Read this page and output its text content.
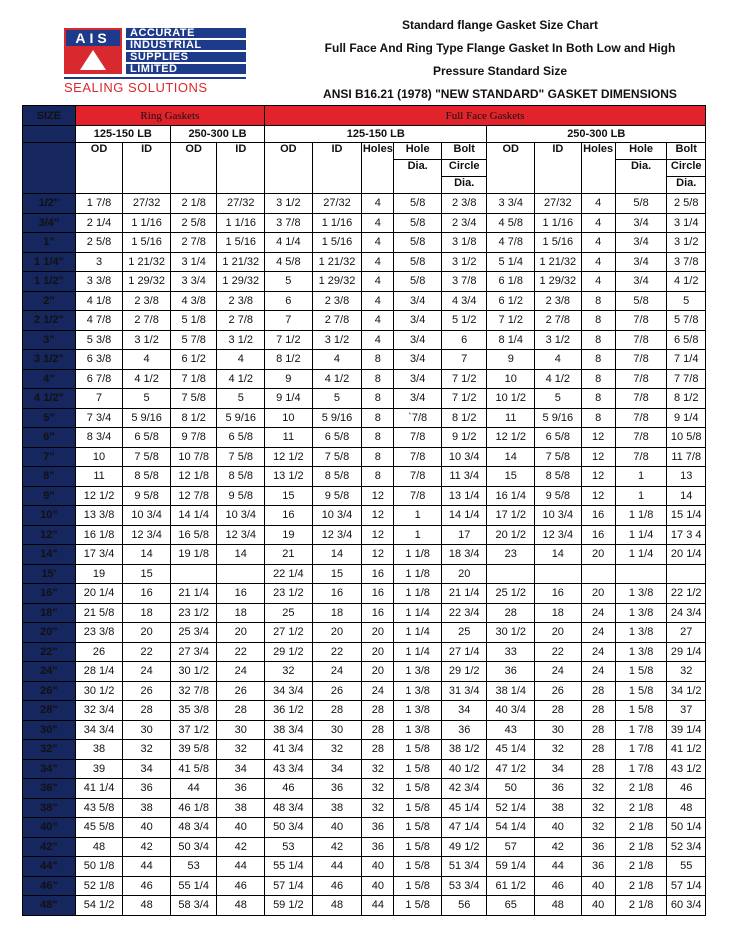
AIS	ACCURATE
INDUSTRIAL
SUPPLIES
LIMITED
SEALING SOLUTIONS
Standard flange Gasket Size Chart
Full Face And Ring Type Flange Gasket In Both Low and High
Pressure Standard Size
ANSI B16.21 (1978) "NEW STANDARD" GASKET DIMENSIONS
SIZE	Ring Gaskets				Full Face Gaskets									
	125-150 LB		250-300 LB		125-150 LB					250-300 LB				
	OD	ID	OD	ID	OD	ID	Holes	Hole	Bolt	OD	ID	Holes	Hole	Bolt
								Dia.	Circle				Dia.	Circle
									Dia.					Dia.
1/2"	1 7/8	27/32	2 1/8	27/32	3 1/2	27/32	4	5/8	2 3/8	3 3/4	27/32	4	5/8	2 5/8
3/4"	2 1/4	1 1/16	2 5/8	1 1/16	3 7/8	1 1/16	4	5/8	2 3/4	4 5/8	1 1/16	4	3/4	3 1/4
1"	2 5/8	1 5/16	2 7/8	1 5/16	4 1/4	1 5/16	4	5/8	3 1/8	4 7/8	1 5/16	4	3/4	3 1/2
1 1/4"	3	1 21/32	3 1/4	1 21/32	4 5/8	1 21/32	4	5/8	3 1/2	5 1/4	1 21/32	4	3/4	3 7/8
1 1/2"	3 3/8	1 29/32	3 3/4	1 29/32	5	1 29/32	4	5/8	3 7/8	6 1/8	1 29/32	4	3/4	4 1/2
2"	4 1/8	2 3/8	4 3/8	2 3/8	6	2 3/8	4	3/4	4 3/4	6 1/2	2 3/8	8	5/8	5
2 1/2"	4 7/8	2 7/8	5 1/8	2 7/8	7	2 7/8	4	3/4	5 1/2	7 1/2	2 7/8	8	7/8	5 7/8
3"	5 3/8	3 1/2	5 7/8	3 1/2	7 1/2	3 1/2	4	3/4	6	8 1/4	3 1/2	8	7/8	6 5/8
3 1/2"	6 3/8	4	6 1/2	4	8 1/2	4	8	3/4	7	9	4	8	7/8	7 1/4
4"	6 7/8	4 1/2	7 1/8	4 1/2	9	4 1/2	8	3/4	7 1/2	10	4 1/2	8	7/8	7 7/8
4 1/2"	7	5	7 5/8	5	9 1/4	5	8	3/4	7 1/2	10 1/2	5	8	7/8	8 1/2
5"	7 3/4	5 9/16	8 1/2	5 9/16	10	5 9/16	8	`7/8	8 1/2	11	5 9/16	8	7/8	9 1/4
6"	8 3/4	6 5/8	9 7/8	6 5/8	11	6 5/8	8	7/8	9 1/2	12 1/2	6 5/8	12	7/8	10 5/8
7"	10	7 5/8	10 7/8	7 5/8	12 1/2	7 5/8	8	7/8	10 3/4	14	7 5/8	12	7/8	11 7/8
8"	11	8 5/8	12 1/8	8 5/8	13 1/2	8 5/8	8	7/8	11 3/4	15	8 5/8	12	1	13
9"	12 1/2	9 5/8	12 7/8	9 5/8	15	9 5/8	12	7/8	13 1/4	16 1/4	9 5/8	12	1	14
10"	13 3/8	10 3/4	14 1/4	10 3/4	16	10 3/4	12	1	14 1/4	17 1/2	10 3/4	16	1 1/8	15 1/4
12"	16 1/8	12 3/4	16 5/8	12 3/4	19	12 3/4	12	1	17	20 1/2	12 3/4	16	1 1/4	17 3 4
14"	17 3/4	14	19 1/8	14	21	14	12	1 1/8	18 3/4	23	14	20	1 1/4	20 1/4
15'	19	15			22 1/4	15	16	1 1/8	20					
16"	20 1/4	16	21 1/4	16	23 1/2	16	16	1 1/8	21 1/4	25 1/2	16	20	1 3/8	22 1/2
18"	21 5/8	18	23 1/2	18	25	18	16	1 1/4	22 3/4	28	18	24	1 3/8	24 3/4
20"	23 3/8	20	25 3/4	20	27 1/2	20	20	1 1/4	25	30 1/2	20	24	1 3/8	27
22"	26	22	27 3/4	22	29 1/2	22	20	1 1/4	27 1/4	33	22	24	1 3/8	29 1/4
24"	28 1/4	24	30 1/2	24	32	24	20	1 3/8	29 1/2	36	24	24	1 5/8	32
26"	30 1/2	26	32 7/8	26	34 3/4	26	24	1 3/8	31 3/4	38 1/4	26	28	1 5/8	34 1/2
28"	32 3/4	28	35 3/8	28	36 1/2	28	28	1 3/8	34	40 3/4	28	28	1 5/8	37
30"	34 3/4	30	37 1/2	30	38 3/4	30	28	1 3/8	36	43	30	28	1 7/8	39 1/4
32"	38	32	39 5/8	32	41 3/4	32	28	1 5/8	38 1/2	45 1/4	32	28	1 7/8	41 1/2
34"	39	34	41 5/8	34	43 3/4	34	32	1 5/8	40 1/2	47 1/2	34	28	1 7/8	43 1/2
36"	41 1/4	36	44	36	46	36	32	1 5/8	42 3/4	50	36	32	2 1/8	46
38"	43 5/8	38	46 1/8	38	48 3/4	38	32	1 5/8	45 1/4	52 1/4	38	32	2 1/8	48
40"	45 5/8	40	48 3/4	40	50 3/4	40	36	1 5/8	47 1/4	54 1/4	40	32	2 1/8	50 1/4
42"	48	42	50 3/4	42	53	42	36	1 5/8	49 1/2	57	42	36	2 1/8	52 3/4
44"	50 1/8	44	53	44	55 1/4	44	40	1 5/8	51 3/4	59 1/4	44	36	2 1/8	55
46"	52 1/8	46	55 1/4	46	57 1/4	46	40	1 5/8	53 3/4	61 1/2	46	40	2 1/8	57 1/4
48"	54 1/2	48	58 3/4	48	59 1/2	48	44	1 5/8	56	65	48	40	2 1/8	60 3/4
